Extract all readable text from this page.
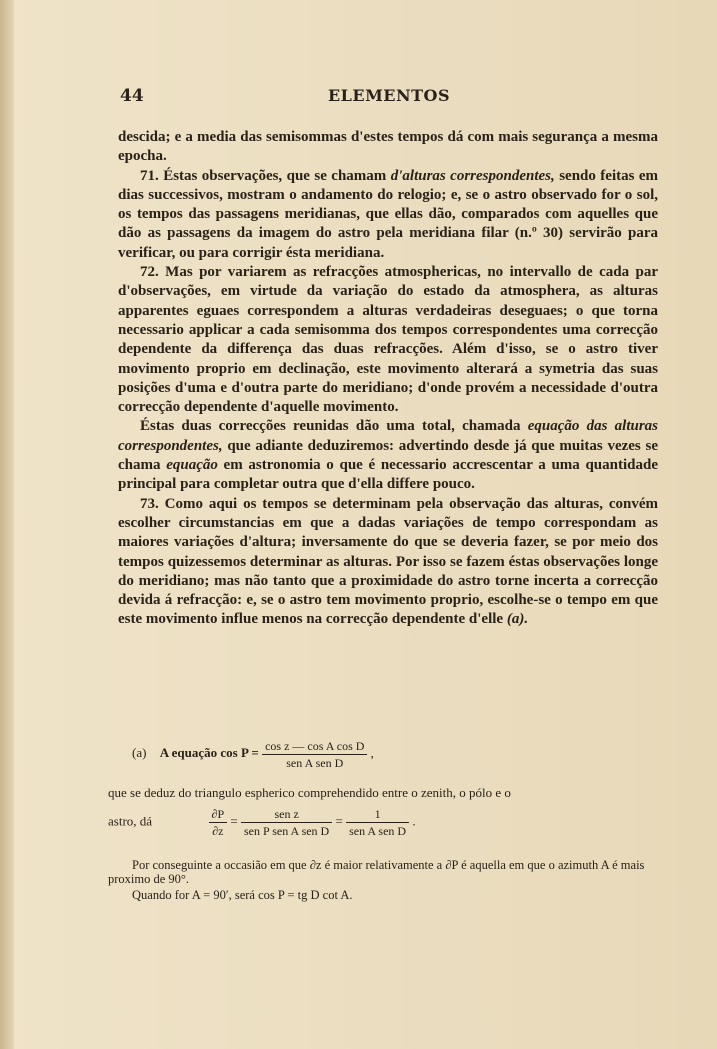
44	ELEMENTOS

descida; e a media das semisommas d'estes tempos dá com mais segurança a mesma epocha.

71. Éstas observações, que se chamam d'alturas correspondentes, sendo feitas em dias successivos, mostram o andamento do relogio; e, se o astro observado for o sol, os tempos das passagens meridianas, que ellas dão, comparados com aquelles que dão as passagens da imagem do astro pela meridiana filar (n.º 30) servirão para verificar, ou para corrigir ésta meridiana.

72. Mas por variarem as refracções atmosphericas, no intervallo de cada par d'observações, em virtude da variação do estado da atmosphera, as alturas apparentes eguaes correspondem a alturas verdadeiras deseguaes; o que torna necessario applicar a cada semisomma dos tempos correspondentes uma correcção dependente da differença das duas refracções. Além d'isso, se o astro tiver movimento proprio em declinação, este movimento alterará a symetria das suas posições d'uma e d'outra parte do meridiano; d'onde provém a necessidade d'outra correcção dependente d'aquelle movimento.

Éstas duas correcções reunidas dão uma total, chamada equação das alturas correspondentes, que adiante deduziremos: advertindo desde já que muitas vezes se chama equação em astronomia o que é necessario accrescentar a uma quantidade principal para completar outra que d'ella differe pouco.

73. Como aqui os tempos se determinam pela observação das alturas, convém escolher circumstancias em que a dadas variações de tempo correspondam as maiores variações d'altura; inversamente do que se deveria fazer, se por meio dos tempos quizessemos determinar as alturas. Por isso se fazem éstas observações longe do meridiano; mas não tanto que a proximidade do astro torne incerta a correcção devida á refracção: e, se o astro tem movimento proprio, escolhe-se o tempo em que este movimento influe menos na correcção dependente d'elle (a).

(a) A equação $\cos P = \frac{\text{cos z — cos A cos D}}{\text{sen A sen D}}$ ,

que se deduz do triangulo espherico comprehendido entre o zenith, o pólo e o

astro, dá	$\frac{\partial P}{\partial z} = \frac{\text{sen z}}{\text{sen P sen A sen D}} = \frac{1}{\text{sen A sen D}}$ .

Por conseguinte a occasião em que ∂z é maior relativamente a ∂P é aquella em que o azimuth A é mais proximo de 90°.

Quando for A = 90′, será cos P = tg D cot A.
